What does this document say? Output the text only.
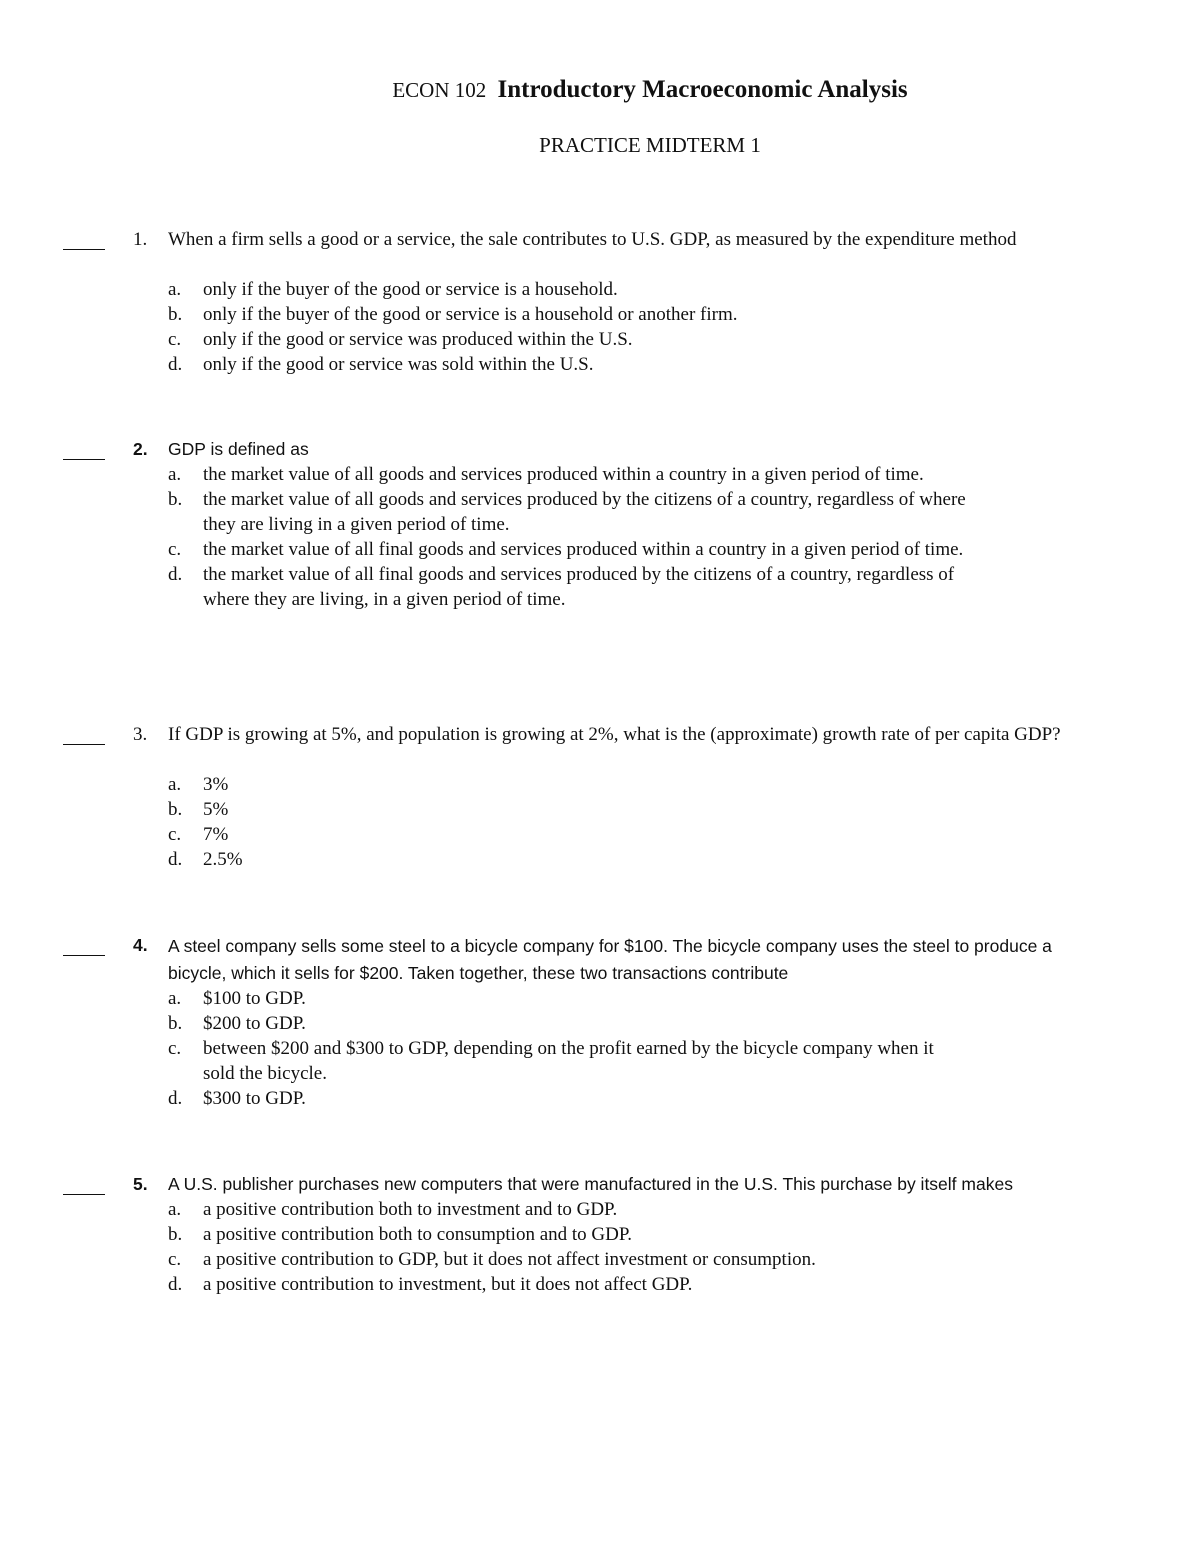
ECON 102 Introductory Macroeconomic Analysis
PRACTICE MIDTERM 1
1. When a firm sells a good or a service, the sale contributes to U.S. GDP, as measured by the expenditure method
a. only if the buyer of the good or service is a household.
b. only if the buyer of the good or service is a household or another firm.
c. only if the good or service was produced within the U.S.
d. only if the good or service was sold within the U.S.
2. GDP is defined as
a. the market value of all goods and services produced within a country in a given period of time.
b. the market value of all goods and services produced by the citizens of a country, regardless of where they are living in a given period of time.
c. the market value of all final goods and services produced within a country in a given period of time.
d. the market value of all final goods and services produced by the citizens of a country, regardless of where they are living, in a given period of time.
3. If GDP is growing at 5%, and population is growing at 2%, what is the (approximate) growth rate of per capita GDP?
a. 3%
b. 5%
c. 7%
d. 2.5%
4. A steel company sells some steel to a bicycle company for $100. The bicycle company uses the steel to produce a bicycle, which it sells for $200. Taken together, these two transactions contribute
a. $100 to GDP.
b. $200 to GDP.
c. between $200 and $300 to GDP, depending on the profit earned by the bicycle company when it sold the bicycle.
d. $300 to GDP.
5. A U.S. publisher purchases new computers that were manufactured in the U.S. This purchase by itself makes
a. a positive contribution both to investment and to GDP.
b. a positive contribution both to consumption and to GDP.
c. a positive contribution to GDP, but it does not affect investment or consumption.
d. a positive contribution to investment, but it does not affect GDP.
